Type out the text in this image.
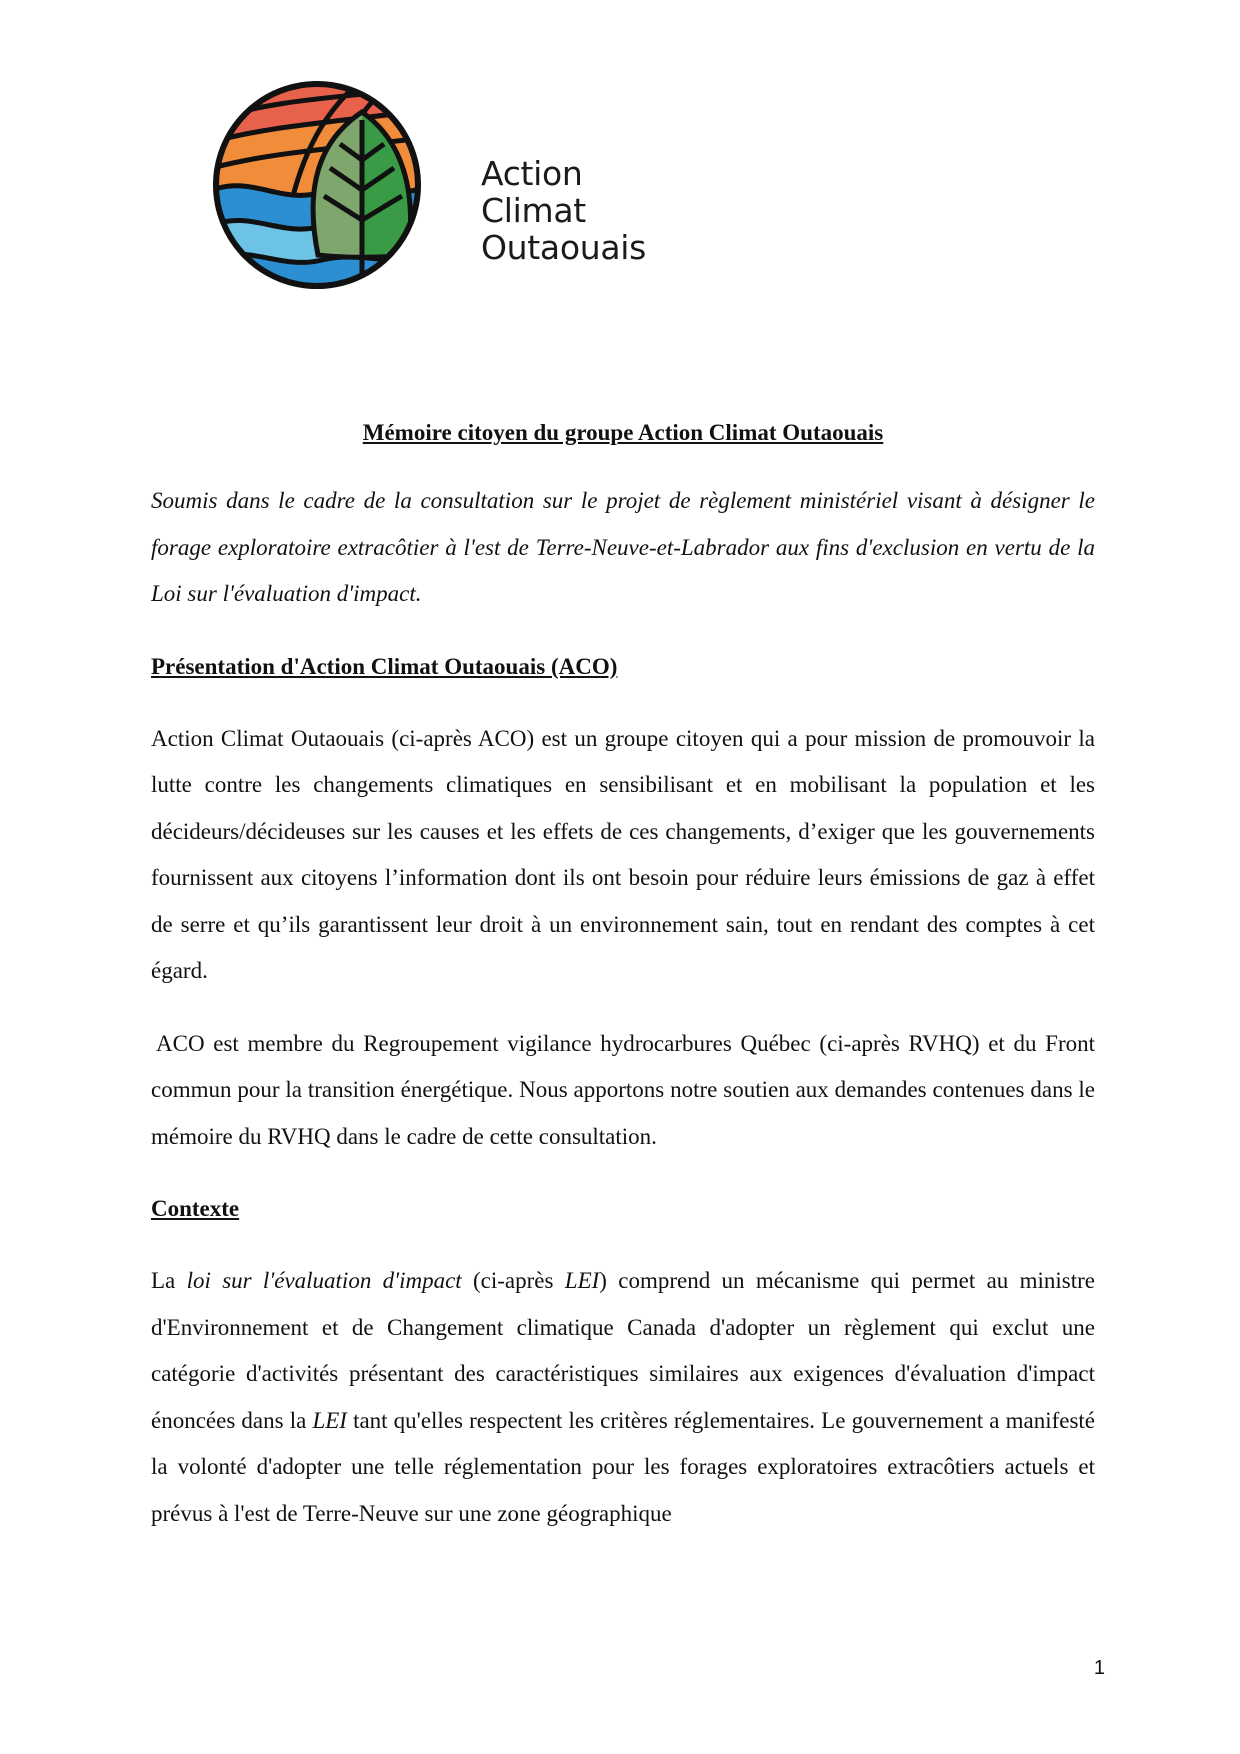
Action
Climat
Outaouais
Mémoire citoyen du groupe Action Climat Outaouais

Soumis dans le cadre de la consultation sur le projet de règlement ministériel visant à désigner le forage exploratoire extracôtier à l'est de Terre-Neuve-et-Labrador aux fins d'exclusion en vertu de la Loi sur l'évaluation d'impact.

Présentation d'Action Climat Outaouais (ACO)

Action Climat Outaouais (ci-après ACO) est un groupe citoyen qui a pour mission de promouvoir la lutte contre les changements climatiques en sensibilisant et en mobilisant la population et les décideurs/décideuses sur les causes et les effets de ces changements, d’exiger que les gouvernements fournissent aux citoyens l’information dont ils ont besoin pour réduire leurs émissions de gaz à effet de serre et qu’ils garantissent leur droit à un environnement sain, tout en rendant des comptes à cet égard.

ACO est membre du Regroupement vigilance hydrocarbures Québec (ci-après RVHQ) et du Front commun pour la transition énergétique. Nous apportons notre soutien aux demandes contenues dans le mémoire du RVHQ dans le cadre de cette consultation.

Contexte

La loi sur l'évaluation d'impact (ci-après LEI) comprend un mécanisme qui permet au ministre d'Environnement et de Changement climatique Canada d'adopter un règlement qui exclut une catégorie d'activités présentant des caractéristiques similaires aux exigences d'évaluation d'impact énoncées dans la LEI tant qu'elles respectent les critères réglementaires. Le gouvernement a manifesté la volonté d'adopter une telle réglementation pour les forages exploratoires extracôtiers actuels et prévus à l'est de Terre-Neuve sur une zone géographique

1
